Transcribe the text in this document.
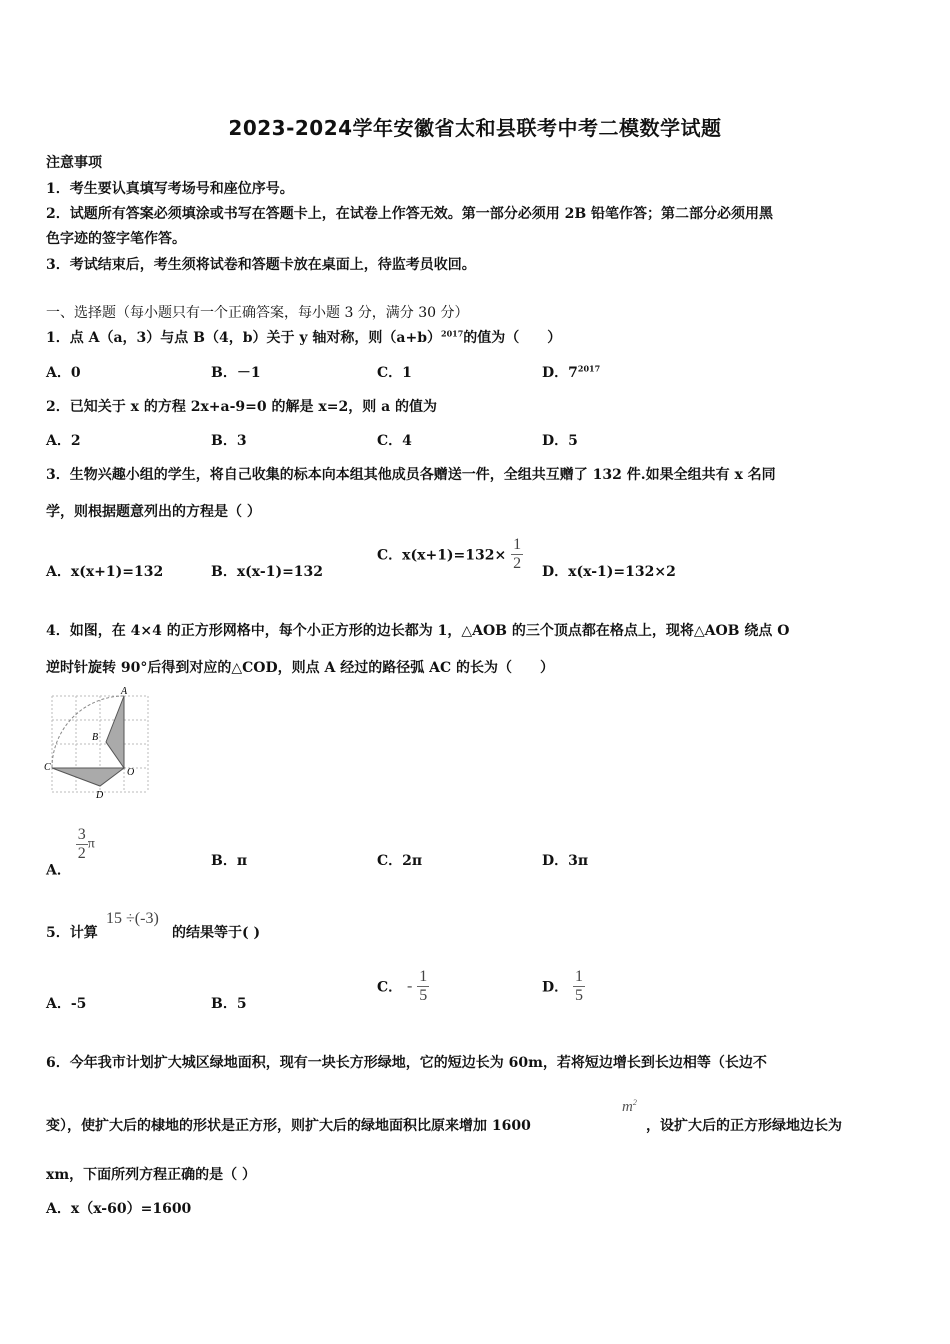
2023-2024学年安徽省太和县联考中考二模数学试题
注意事项
1．考生要认真填写考场号和座位序号。
2．试题所有答案必须填涂或书写在答题卡上，在试卷上作答无效。第一部分必须用 2B 铅笔作答；第二部分必须用黑
色字迹的签字笔作答。
3．考试结束后，考生须将试卷和答题卡放在桌面上，待监考员收回。
一、选择题（每小题只有一个正确答案，每小题 3 分，满分 30 分）
1．点 A（a，3）与点 B（4，b）关于 y 轴对称，则$(a+b)^{2017}$的值为（　　）
A．0	B．－1	C．1	D．$7^{2017}$
2．已知关于 x 的方程 2x+a-9=0 的解是 x=2，则 a 的值为
A．2	B．3	C．4	D．5
3．生物兴趣小组的学生，将自己收集的标本向本组其他成员各赠送一件，全组共互赠了 132 件.如果全组共有 x 名同
学，则根据题意列出的方程是（ ）
A．x(x+1)=132	B．x(x-1)=132
C．$x(x+1)=132\times \frac{1}{2}$ D．x(x-1)=132×2
4．如图，在 4×4 的正方形网格中，每个小正方形的边长都为 1，△AOB 的三个顶点都在格点上，现将△AOB 绕点 O
逆时针旋转 90°后得到对应的△COD，则点 A 经过的路径弧 AC 的长为（　　）
A
B
C	O
D
A．
$\frac{3}{2}$ π
B．π	C．2π	D．3π
5．计算
15 ÷(-3)
的结果等于( )
A．-5	B．5
C． - $\frac{1}{5}$	D． $\frac{1}{5}$
6．今年我市计划扩大城区绿地面积，现有一块长方形绿地，它的短边长为 60m，若将短边增长到长边相等（长边不
变），使扩大后的棣地的形状是正方形，则扩大后的绿地面积比原来增加 1600
$m^2$
，设扩大后的正方形绿地边长为
xm，下面所列方程正确的是（ ）
A．x（x-60）=1600
